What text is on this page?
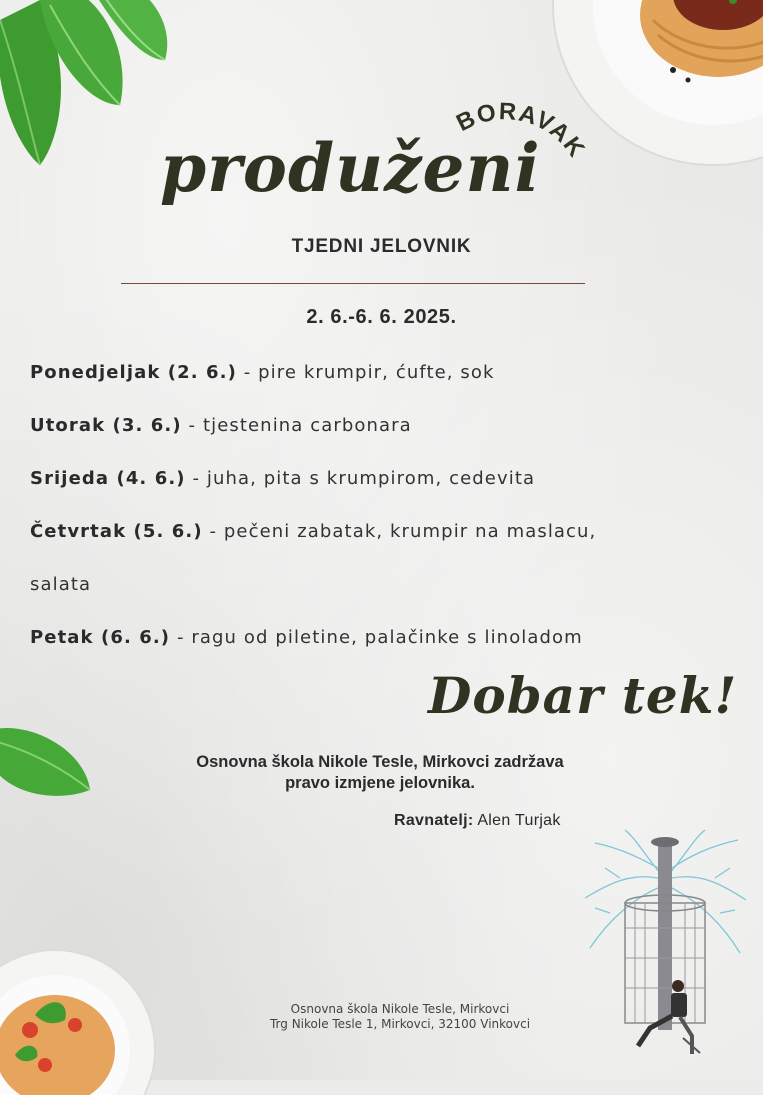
BORAVAK
produženi
TJEDNI JELOVNIK
2. 6.-6. 6. 2025.
Ponedjeljak (2. 6.) - pire krumpir, ćufte, sok
Utorak (3. 6.) - tjestenina carbonara
Srijeda (4. 6.) - juha, pita s krumpirom, cedevita
Četvrtak (5. 6.) - pečeni zabatak, krumpir na maslacu,
salata
Petak (6. 6.) - ragu od piletine, palačinke s linoladom
Dobar tek!
Osnovna škola Nikole Tesle, Mirkovci zadržava
pravo izmjene jelovnika.
Ravnatelj: Alen Turjak
Osnovna škola Nikole Tesle, Mirkovci
Trg Nikole Tesle 1, Mirkovci, 32100 Vinkovci
